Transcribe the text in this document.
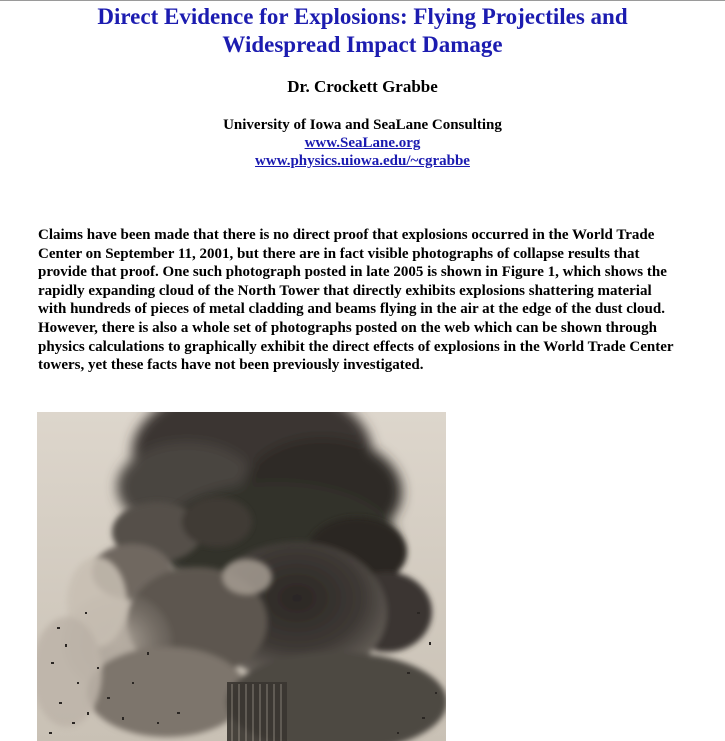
Direct Evidence for Explosions: Flying Projectiles and
Widespread Impact Damage
Dr. Crockett Grabbe
University of Iowa and SeaLane Consulting
www.SeaLane.org
www.physics.uiowa.edu/~cgrabbe

Claims have been made that there is no direct proof that explosions occurred in the World Trade Center on September 11, 2001, but there are in fact visible photographs of collapse results that provide that proof. One such photograph posted in late 2005 is shown in Figure 1, which shows the rapidly expanding cloud of the North Tower that directly exhibits explosions shattering material with hundreds of pieces of metal cladding and beams flying in the air at the edge of the dust cloud. However, there is also a whole set of photographs posted on the web which can be shown through physics calculations to graphically exhibit the direct effects of explosions in the World Trade Center towers, yet these facts have not been previously investigated.
